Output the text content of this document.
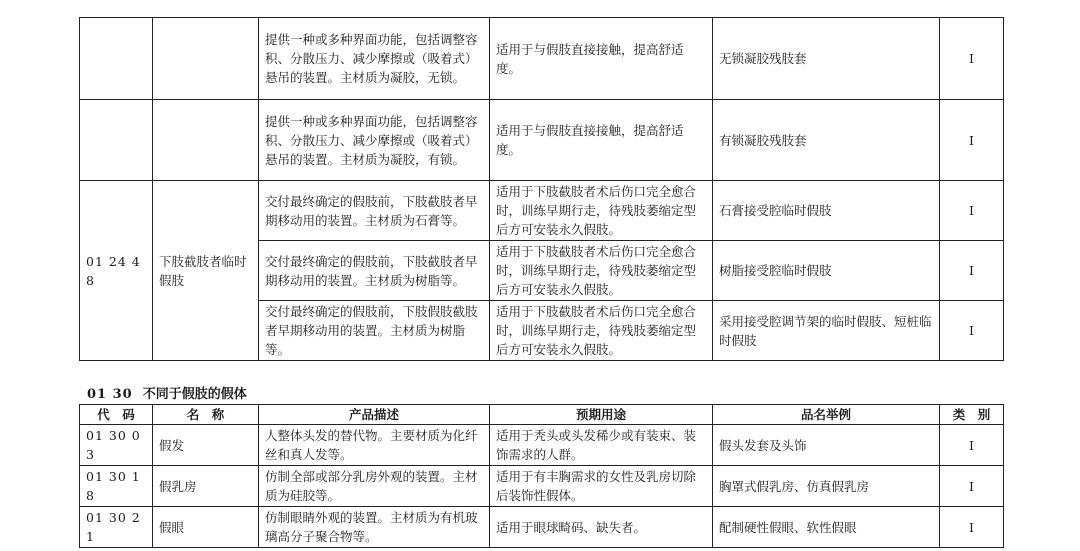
		提供一种或多种界面功能，包括调整容积、分散压力、减少摩擦或（吸着式）悬吊的装置。主材质为凝胶，无锁。	适用于与假肢直接接触，提高舒适度。	无锁凝胶残肢套	Ⅰ
		提供一种或多种界面功能，包括调整容积、分散压力、减少摩擦或（吸着式）悬吊的装置。主材质为凝胶，有锁。	适用于与假肢直接接触，提高舒适度。	有锁凝胶残肢套	Ⅰ
01 24 48	下肢截肢者临时假肢	交付最终确定的假肢前，下肢截肢者早期移动用的装置。主材质为石膏等。	适用于下肢截肢者术后伤口完全愈合时，训练早期行走，待残肢萎缩定型后方可安装永久假肢。	石膏接受腔临时假肢	Ⅰ
		交付最终确定的假肢前，下肢截肢者早期移动用的装置。主材质为树脂等。	适用于下肢截肢者术后伤口完全愈合时，训练早期行走，待残肢萎缩定型后方可安装永久假肢。	树脂接受腔临时假肢	Ⅰ
		交付最终确定的假肢前，下肢假肢截肢者早期移动用的装置。主材质为树脂等。	适用于下肢截肢者术后伤口完全愈合时，训练早期行走，待残肢萎缩定型后方可安装永久假肢。	采用接受腔调节架的临时假肢、短桩临时假肢	Ⅰ
01 30 不同于假肢的假体
代　码	名　称	产品描述	预期用途	品名举例	类　别
01 30 03	假发	人整体头发的替代物。主要材质为化纤丝和真人发等。	适用于秃头或头发稀少或有装束、装饰需求的人群。	假头发套及头饰	Ⅰ
01 30 18	假乳房	仿制全部或部分乳房外观的装置。主材质为硅胶等。	适用于有丰胸需求的女性及乳房切除后装饰性假体。	胸罩式假乳房、仿真假乳房	Ⅰ
01 30 21	假眼	仿制眼睛外观的装置。主材质为有机玻璃高分子聚合物等。	适用于眼球畸码、缺失者。	配制硬性假眼、软性假眼	Ⅰ
